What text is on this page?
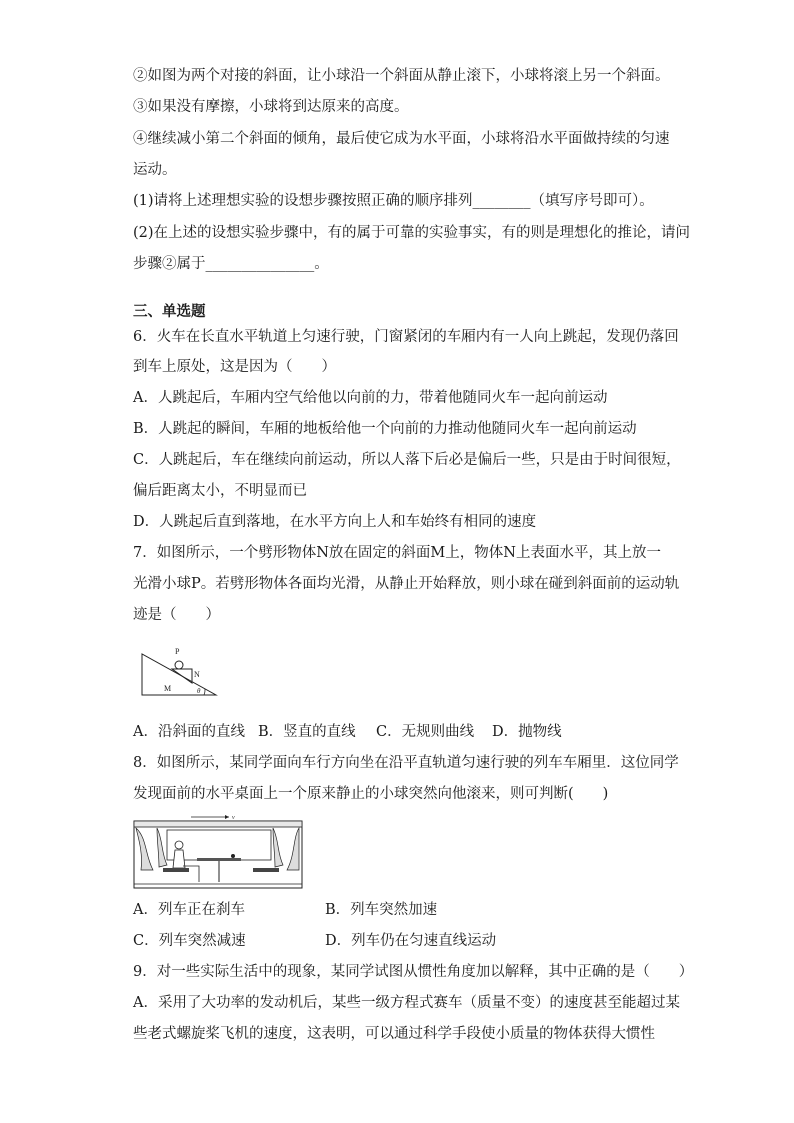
②如图为两个对接的斜面，让小球沿一个斜面从静止滚下，小球将滚上另一个斜面。
③如果没有摩擦，小球将到达原来的高度。
④继续减小第二个斜面的倾角，最后使它成为水平面，小球将沿水平面做持续的匀速
运动。
(1)请将上述理想实验的设想步骤按照正确的顺序排列________（填写序号即可）。
(2)在上述的设想实验步骤中，有的属于可靠的实验事实，有的则是理想化的推论，请问
步骤②属于_______________。
三、单选题
6．火车在长直水平轨道上匀速行驶，门窗紧闭的车厢内有一人向上跳起，发现仍落回
到车上原处，这是因为（　　）
A．人跳起后，车厢内空气给他以向前的力，带着他随同火车一起向前运动
B．人跳起的瞬间，车厢的地板给他一个向前的力推动他随同火车一起向前运动
C．人跳起后，车在继续向前运动，所以人落下后必是偏后一些，只是由于时间很短，
偏后距离太小，不明显而已
D．人跳起后直到落地，在水平方向上人和车始终有相同的速度
7．如图所示，一个劈形物体N放在固定的斜面M上，物体N上表面水平，其上放一
光滑小球P。若劈形物体各面均光滑，从静止开始释放，则小球在碰到斜面前的运动轨
迹是（　　）
P
N
M	θ
A．沿斜面的直线 B．竖直的直线 C．无规则曲线 D．抛物线
8．如图所示，某同学面向车行方向坐在沿平直轨道匀速行驶的列车车厢里．这位同学
发现面前的水平桌面上一个原来静止的小球突然向他滚来，则可判断(　　)
v
A．列车正在刹车	B．列车突然加速
C．列车突然减速	D．列车仍在匀速直线运动
9．对一些实际生活中的现象，某同学试图从惯性角度加以解释，其中正确的是（　　）
A．采用了大功率的发动机后，某些一级方程式赛车（质量不变）的速度甚至能超过某
些老式螺旋桨飞机的速度，这表明，可以通过科学手段使小质量的物体获得大惯性
